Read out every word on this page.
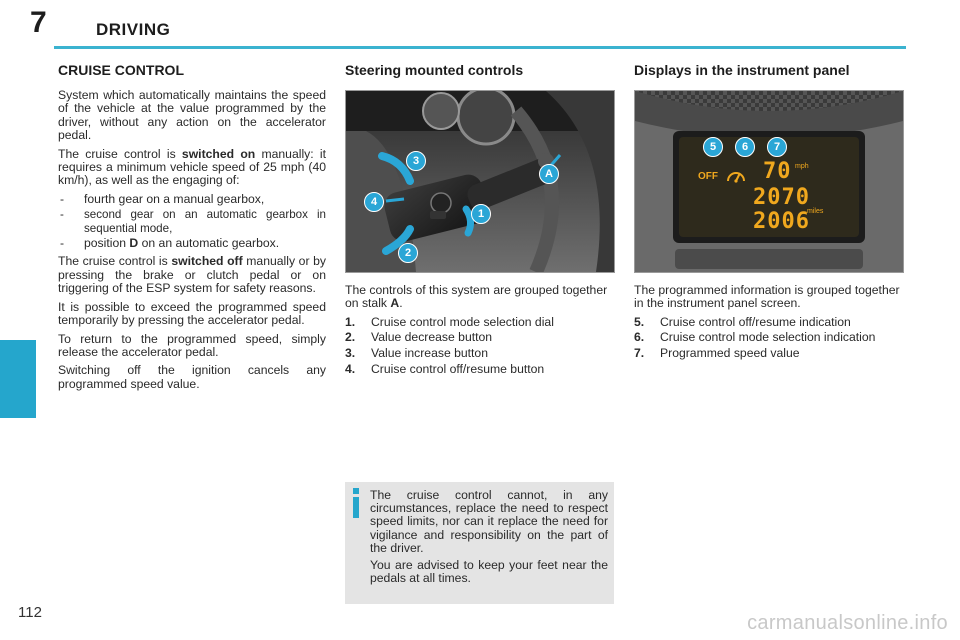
7	DRIVING
CRUISE CONTROL

System which automatically maintains the speed of the vehicle at the value programmed by the driver, without any action on the accelerator pedal.

The cruise control is switched on manually: it requires a minimum vehicle speed of 25 mph (40 km/h), as well as the engaging of:

- fourth gear on a manual gearbox,
- second gear on an automatic gearbox in sequential mode,
- position D on an automatic gearbox.

The cruise control is switched off manually or by pressing the brake or clutch pedal or on triggering of the ESP system for safety reasons.

It is possible to exceed the programmed speed temporarily by pressing the accelerator pedal.

To return to the programmed speed, simply release the accelerator pedal.

Switching off the ignition cancels any programmed speed value.

Steering mounted controls
3
4
1
2
A

The controls of this system are grouped together on stalk A.

1. Cruise control mode selection dial
2. Value decrease button
3. Value increase button
4. Cruise control off/resume button

The cruise control cannot, in any circumstances, replace the need to respect speed limits, nor can it replace the need for vigilance and responsibility on the part of the driver.

You are advised to keep your feet near the pedals at all times.

Displays in the instrument panel
OFF 70 mph
2070
2006
miles
5	6	7

The programmed information is grouped together in the instrument panel screen.

5. Cruise control off/resume indication
6. Cruise control mode selection indication
7. Programmed speed value
112	carmanualsonline.info
